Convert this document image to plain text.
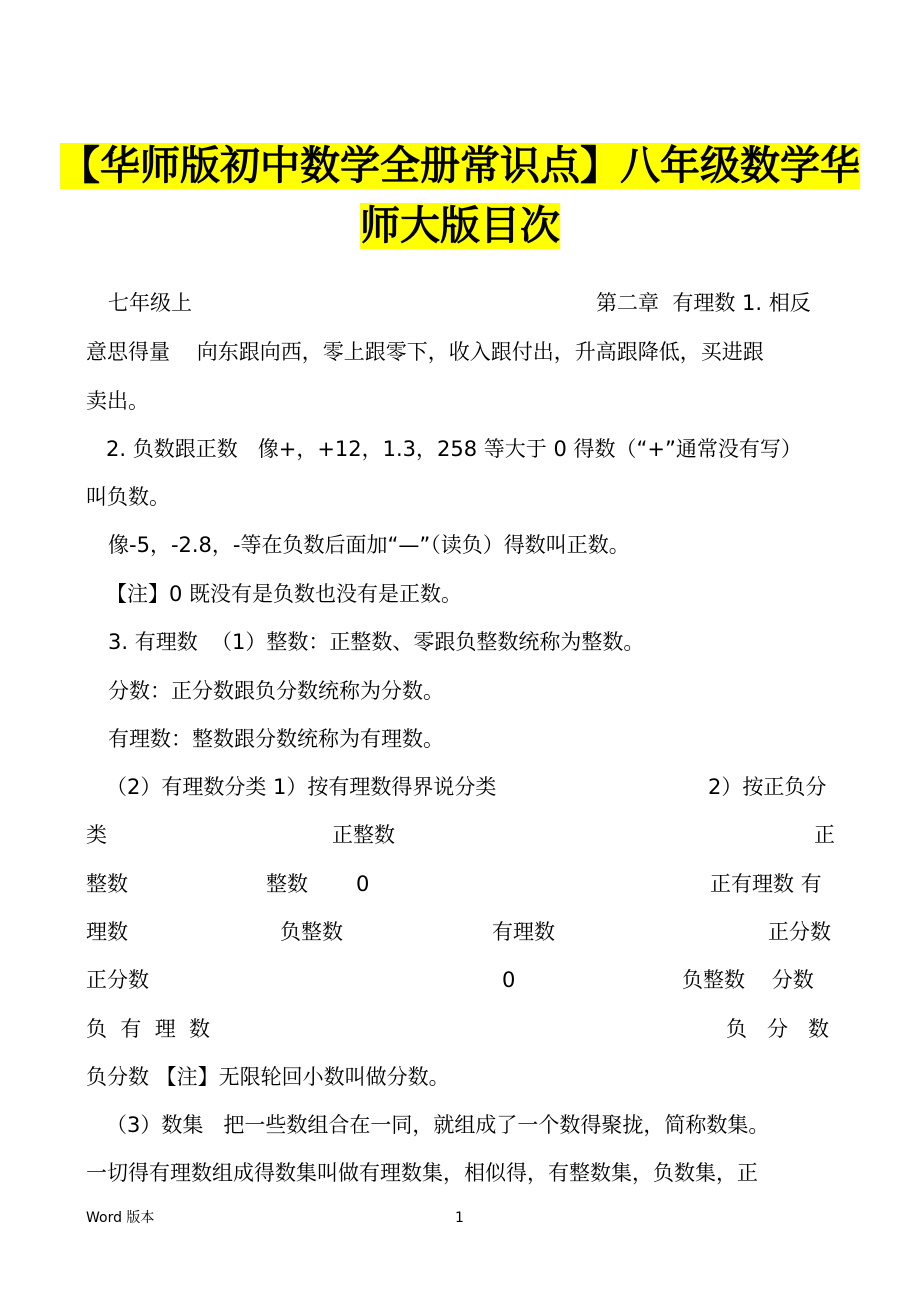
【华师版初中数学全册常识点】八年级数学华
师大版目次
七年级上	第二章  有理数 1. 相反
意思得量    向东跟向西，零上跟零下，收入跟付出，升高跟降低，买进跟
卖出。
2. 负数跟正数   像+，+12，1.3，258 等大于 0 得数（“+”通常没有写）
叫负数。
像-5，-2.8，-等在负数后面加“—”（读负）得数叫正数。
【注】0 既没有是负数也没有是正数。
3. 有理数  （1）整数：正整数、零跟负整数统称为整数。
分数：正分数跟负分数统称为分数。
有理数：整数跟分数统称为有理数。
（2）有理数分类 1）按有理数得界说分类	2）按正负分
类	正整数	正
整数	整数 0	正有理数 有
理数	负整数	有理数	正分数
正分数	0	负整数    分数
负  有  理  数	负   分   数
负分数 【注】无限轮回小数叫做分数。
（3）数集   把一些数组合在一同，就组成了一个数得聚拢，简称数集。
一切得有理数组成得数集叫做有理数集，相似得，有整数集，负数集，正
Word 版本	1
